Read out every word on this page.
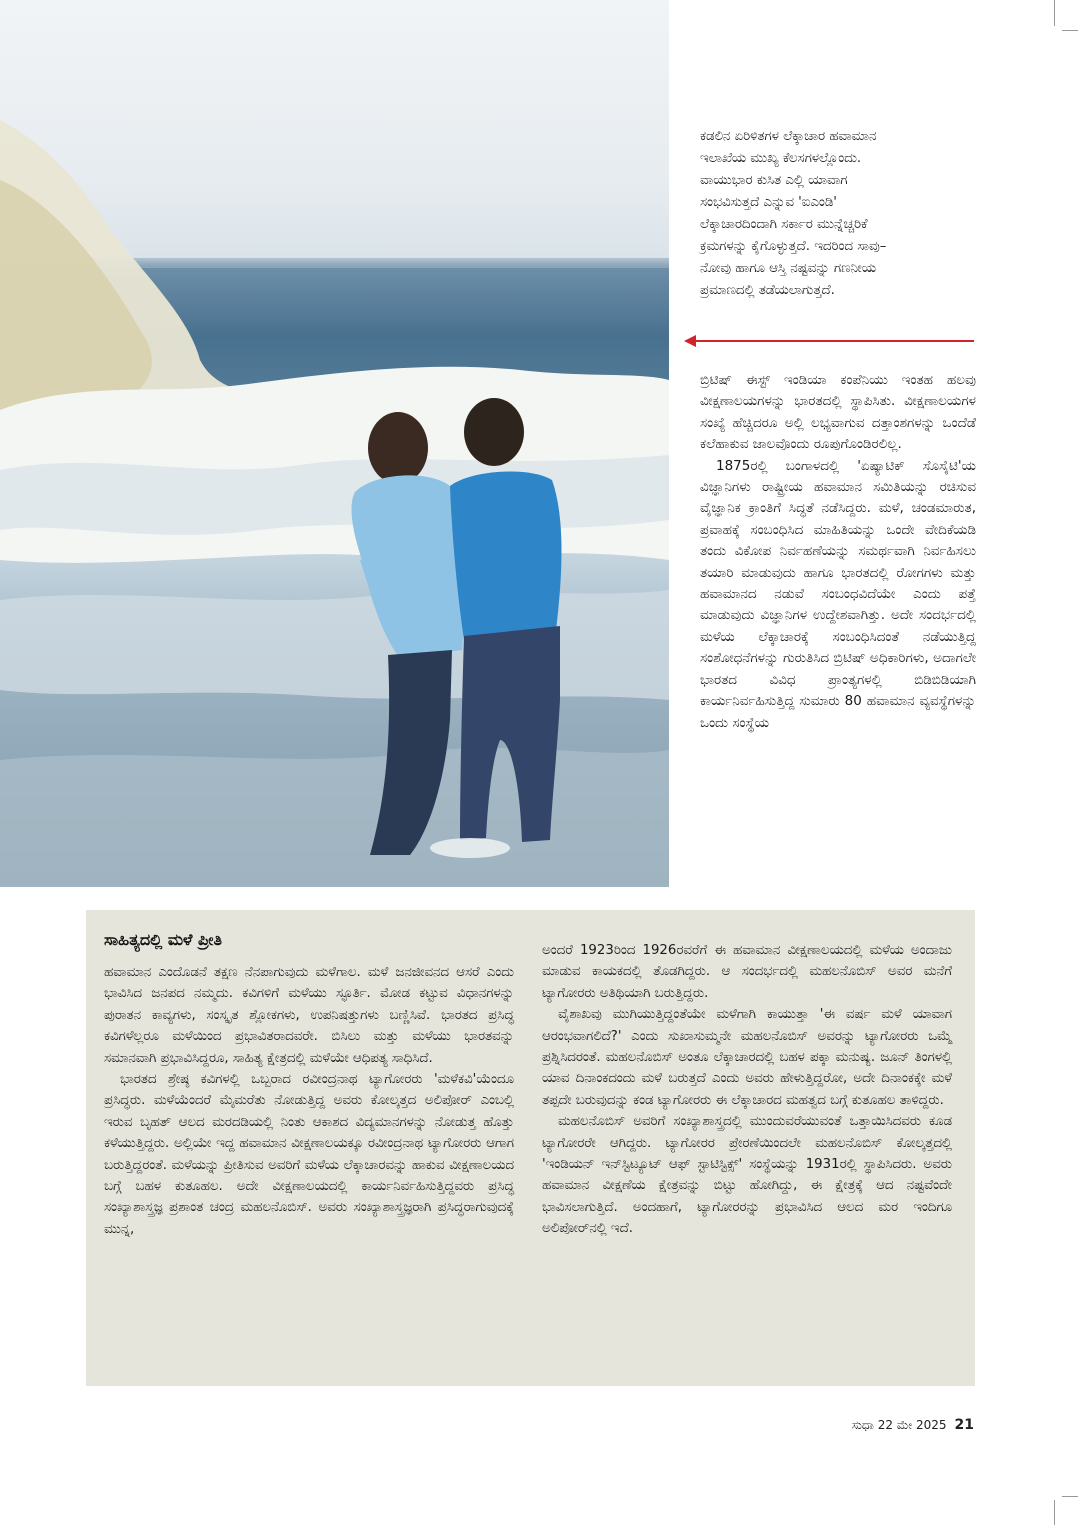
ಕಡಲಿನ ಏರಿಳಿತಗಳ ಲೆಕ್ಕಾಚಾರ ಹವಾಮಾನ
ಇಲಾಖೆಯ ಮುಖ್ಯ ಕೆಲಸಗಳಲ್ಲೊಂದು.
ವಾಯುಭಾರ ಕುಸಿತ ಎಲ್ಲಿ ಯಾವಾಗ
ಸಂಭವಿಸುತ್ತದೆ ಎನ್ನುವ 'ಐಎಂಡಿ'
ಲೆಕ್ಕಾಚಾರದಿಂದಾಗಿ ಸರ್ಕಾರ ಮುನ್ನೆಚ್ಚರಿಕೆ
ಕ್ರಮಗಳನ್ನು ಕೈಗೊಳ್ಳುತ್ತದೆ. ಇದರಿಂದ ಸಾವು–
ನೋವು ಹಾಗೂ ಆಸ್ತಿ ನಷ್ಟವನ್ನು ಗಣನೀಯ
ಪ್ರಮಾಣದಲ್ಲಿ ತಡೆಯಲಾಗುತ್ತದೆ.

ಬ್ರಿಟಿಷ್ ಈಸ್ಟ್ ಇಂಡಿಯಾ ಕಂಪೆನಿಯು ಇಂತಹ ಹಲವು ವೀಕ್ಷಣಾಲಯಗಳನ್ನು ಭಾರತದಲ್ಲಿ ಸ್ಥಾಪಿಸಿತು. ವೀಕ್ಷಣಾಲಯಗಳ ಸಂಖ್ಯೆ ಹೆಚ್ಚಿದರೂ ಅಲ್ಲಿ ಲಭ್ಯವಾಗುವ ದತ್ತಾಂಶಗಳನ್ನು ಒಂದೆಡೆ ಕಲೆಹಾಕುವ ಜಾಲವೊಂದು ರೂಪುಗೊಂಡಿರಲಿಲ್ಲ.

1875ರಲ್ಲಿ ಬಂಗಾಳದಲ್ಲಿ 'ಏಷ್ಯಾಟಿಕ್ ಸೊಸೈಟಿ'ಯ ವಿಜ್ಞಾನಿಗಳು ರಾಷ್ಟ್ರೀಯ ಹವಾಮಾನ ಸಮಿತಿಯನ್ನು ರಚಿಸುವ ವೈಜ್ಞಾನಿಕ ಕ್ರಾಂತಿಗೆ ಸಿದ್ಧತೆ ನಡೆಸಿದ್ದರು. ಮಳೆ, ಚಂಡಮಾರುತ, ಪ್ರವಾಹಕ್ಕೆ ಸಂಬಂಧಿಸಿದ ಮಾಹಿತಿಯನ್ನು ಒಂದೇ ವೇದಿಕೆಯಡಿ ತಂದು ವಿಕೋಪ ನಿರ್ವಹಣೆಯನ್ನು ಸಮರ್ಥವಾಗಿ ನಿರ್ವಹಿಸಲು ತಯಾರಿ ಮಾಡುವುದು ಹಾಗೂ ಭಾರತದಲ್ಲಿ ರೋಗಗಳು ಮತ್ತು ಹವಾಮಾನದ ನಡುವೆ ಸಂಬಂಧವಿದೆಯೇ ಎಂದು ಪತ್ತೆ ಮಾಡುವುದು ವಿಜ್ಞಾನಿಗಳ ಉದ್ದೇಶವಾಗಿತ್ತು. ಅದೇ ಸಂದರ್ಭದಲ್ಲಿ ಮಳೆಯ ಲೆಕ್ಕಾಚಾರಕ್ಕೆ ಸಂಬಂಧಿಸಿದಂತೆ ನಡೆಯುತ್ತಿದ್ದ ಸಂಶೋಧನೆಗಳನ್ನು ಗುರುತಿಸಿದ ಬ್ರಿಟಿಷ್ ಅಧಿಕಾರಿಗಳು, ಅದಾಗಲೇ ಭಾರತದ ವಿವಿಧ ಪ್ರಾಂತ್ಯಗಳಲ್ಲಿ ಬಿಡಿಬಿಡಿಯಾಗಿ ಕಾರ್ಯನಿರ್ವಹಿಸುತ್ತಿದ್ದ ಸುಮಾರು 80 ಹವಾಮಾನ ವ್ಯವಸ್ಥೆಗಳನ್ನು ಒಂದು ಸಂಸ್ಥೆಯ

ಸಾಹಿತ್ಯದಲ್ಲಿ ಮಳೆ ಪ್ರೀತಿ

ಹವಾಮಾನ ಎಂದೊಡನೆ ತಕ್ಷಣ ನೆನಪಾಗುವುದು ಮಳೆಗಾಲ. ಮಳೆ ಜನಜೀವನದ ಆಸರೆ ಎಂದು ಭಾವಿಸಿದ ಜನಪದ ನಮ್ಮದು. ಕವಿಗಳಿಗೆ ಮಳೆಯು ಸ್ಫೂರ್ತಿ. ಮೋಡ ಕಟ್ಟುವ ವಿಧಾನಗಳನ್ನು ಪುರಾತನ ಕಾವ್ಯಗಳು, ಸಂಸ್ಕೃತ ಶ್ಲೋಕಗಳು, ಉಪನಿಷತ್ತುಗಳು ಬಣ್ಣಿಸಿವೆ. ಭಾರತದ ಪ್ರಸಿದ್ಧ ಕವಿಗಳೆಲ್ಲರೂ ಮಳೆಯಿಂದ ಪ್ರಭಾವಿತರಾದವರೇ. ಬಿಸಿಲು ಮತ್ತು ಮಳೆಯು ಭಾರತವನ್ನು ಸಮಾನವಾಗಿ ಪ್ರಭಾವಿಸಿದ್ದರೂ, ಸಾಹಿತ್ಯ ಕ್ಷೇತ್ರದಲ್ಲಿ ಮಳೆಯೇ ಆಧಿಪತ್ಯ ಸಾಧಿಸಿದೆ.

ಭಾರತದ ಶ್ರೇಷ್ಠ ಕವಿಗಳಲ್ಲಿ ಒಬ್ಬರಾದ ರವೀಂದ್ರನಾಥ ಟ್ಯಾಗೋರರು 'ಮಳೆಕವಿ'ಯೆಂದೂ ಪ್ರಸಿದ್ಧರು. ಮಳೆಯೆಂದರೆ ಮೈಮರೆತು ನೋಡುತ್ತಿದ್ದ ಅವರು ಕೋಲ್ಕತ್ತದ ಅಲಿಪೋರ್ ಎಂಬಲ್ಲಿ ಇರುವ ಬೃಹತ್ ಆಲದ ಮರದಡಿಯಲ್ಲಿ ನಿಂತು ಆಕಾಶದ ವಿದ್ಯಮಾನಗಳನ್ನು ನೋಡುತ್ತ ಹೊತ್ತು ಕಳೆಯುತ್ತಿದ್ದರು. ಅಲ್ಲಿಯೇ ಇದ್ದ ಹವಾಮಾನ ವೀಕ್ಷಣಾಲಯಕ್ಕೂ ರವೀಂದ್ರನಾಥ ಟ್ಯಾಗೋರರು ಆಗಾಗ ಬರುತ್ತಿದ್ದರಂತೆ. ಮಳೆಯನ್ನು ಪ್ರೀತಿಸುವ ಅವರಿಗೆ ಮಳೆಯ ಲೆಕ್ಕಾಚಾರವನ್ನು ಹಾಕುವ ವೀಕ್ಷಣಾಲಯದ ಬಗ್ಗೆ ಬಹಳ ಕುತೂಹಲ. ಅದೇ ವೀಕ್ಷಣಾಲಯದಲ್ಲಿ ಕಾರ್ಯನಿರ್ವಹಿಸುತ್ತಿದ್ದವರು ಪ್ರಸಿದ್ಧ ಸಂಖ್ಯಾಶಾಸ್ತ್ರಜ್ಞ ಪ್ರಶಾಂತ ಚಂದ್ರ ಮಹಲನೊಬಿಸ್. ಅವರು ಸಂಖ್ಯಾಶಾಸ್ತ್ರಜ್ಞರಾಗಿ ಪ್ರಸಿದ್ಧರಾಗುವುದಕ್ಕೆ ಮುನ್ನ,

ಅಂದರೆ 1923ರಿಂದ 1926ರವರೆಗೆ ಈ ಹವಾಮಾನ ವೀಕ್ಷಣಾಲಯದಲ್ಲಿ ಮಳೆಯ ಅಂದಾಜು ಮಾಡುವ ಕಾಯಕದಲ್ಲಿ ತೊಡಗಿದ್ದರು. ಆ ಸಂದರ್ಭದಲ್ಲಿ ಮಹಲನೊಬಿಸ್ ಅವರ ಮನೆಗೆ ಟ್ಯಾಗೋರರು ಅತಿಥಿಯಾಗಿ ಬರುತ್ತಿದ್ದರು.

ವೈಶಾಖವು ಮುಗಿಯುತ್ತಿದ್ದಂತೆಯೇ ಮಳೆಗಾಗಿ ಕಾಯುತ್ತಾ 'ಈ ವರ್ಷ ಮಳೆ ಯಾವಾಗ ಆರಂಭವಾಗಲಿದೆ?' ಎಂದು ಸುಖಾಸುಮ್ಮನೇ ಮಹಲನೊಬಿಸ್ ಅವರನ್ನು ಟ್ಯಾಗೋರರು ಒಮ್ಮೆ ಪ್ರಶ್ನಿಸಿದರಂತೆ. ಮಹಲನೊಬಿಸ್ ಅಂತೂ ಲೆಕ್ಕಾಚಾರದಲ್ಲಿ ಬಹಳ ಪಕ್ಕಾ ಮನುಷ್ಯ. ಜೂನ್ ತಿಂಗಳಲ್ಲಿ ಯಾವ ದಿನಾಂಕದಂದು ಮಳೆ ಬರುತ್ತದೆ ಎಂದು ಅವರು ಹೇಳುತ್ತಿದ್ದರೋ, ಅದೇ ದಿನಾಂಕಕ್ಕೇ ಮಳೆ ತಪ್ಪದೇ ಬರುವುದನ್ನು ಕಂಡ ಟ್ಯಾಗೋರರು ಈ ಲೆಕ್ಕಾಚಾರದ ಮಹತ್ವದ ಬಗ್ಗೆ ಕುತೂಹಲ ತಾಳಿದ್ದರು.

ಮಹಲನೊಬಿಸ್ ಅವರಿಗೆ ಸಂಖ್ಯಾಶಾಸ್ತ್ರದಲ್ಲಿ ಮುಂದುವರೆಯುವಂತೆ ಒತ್ತಾಯಿಸಿದವರು ಕೂಡ ಟ್ಯಾಗೋರರೇ ಆಗಿದ್ದರು. ಟ್ಯಾಗೋರರ ಪ್ರೇರಣೆಯಿಂದಲೇ ಮಹಲನೊಬಿಸ್ ಕೋಲ್ಕತ್ತದಲ್ಲಿ 'ಇಂಡಿಯನ್ ಇನ್‌ಸ್ಟಿಟ್ಯೂಟ್ ಆಫ್ ಸ್ಟಾಟಿಸ್ಟಿಕ್ಸ್' ಸಂಸ್ಥೆಯನ್ನು 1931ರಲ್ಲಿ ಸ್ಥಾಪಿಸಿದರು. ಅವರು ಹವಾಮಾನ ವೀಕ್ಷಣೆಯ ಕ್ಷೇತ್ರವನ್ನು ಬಿಟ್ಟು ಹೋಗಿದ್ದು, ಈ ಕ್ಷೇತ್ರಕ್ಕೆ ಆದ ನಷ್ಟವೆಂದೇ ಭಾವಿಸಲಾಗುತ್ತಿದೆ. ಅಂದಹಾಗೆ, ಟ್ಯಾಗೋರರನ್ನು ಪ್ರಭಾವಿಸಿದ ಆಲದ ಮರ ಇಂದಿಗೂ ಅಲಿಪೋರ್‌ನಲ್ಲಿ ಇದೆ.

ಸುಧಾ 22 ಮೇ 2025 21
